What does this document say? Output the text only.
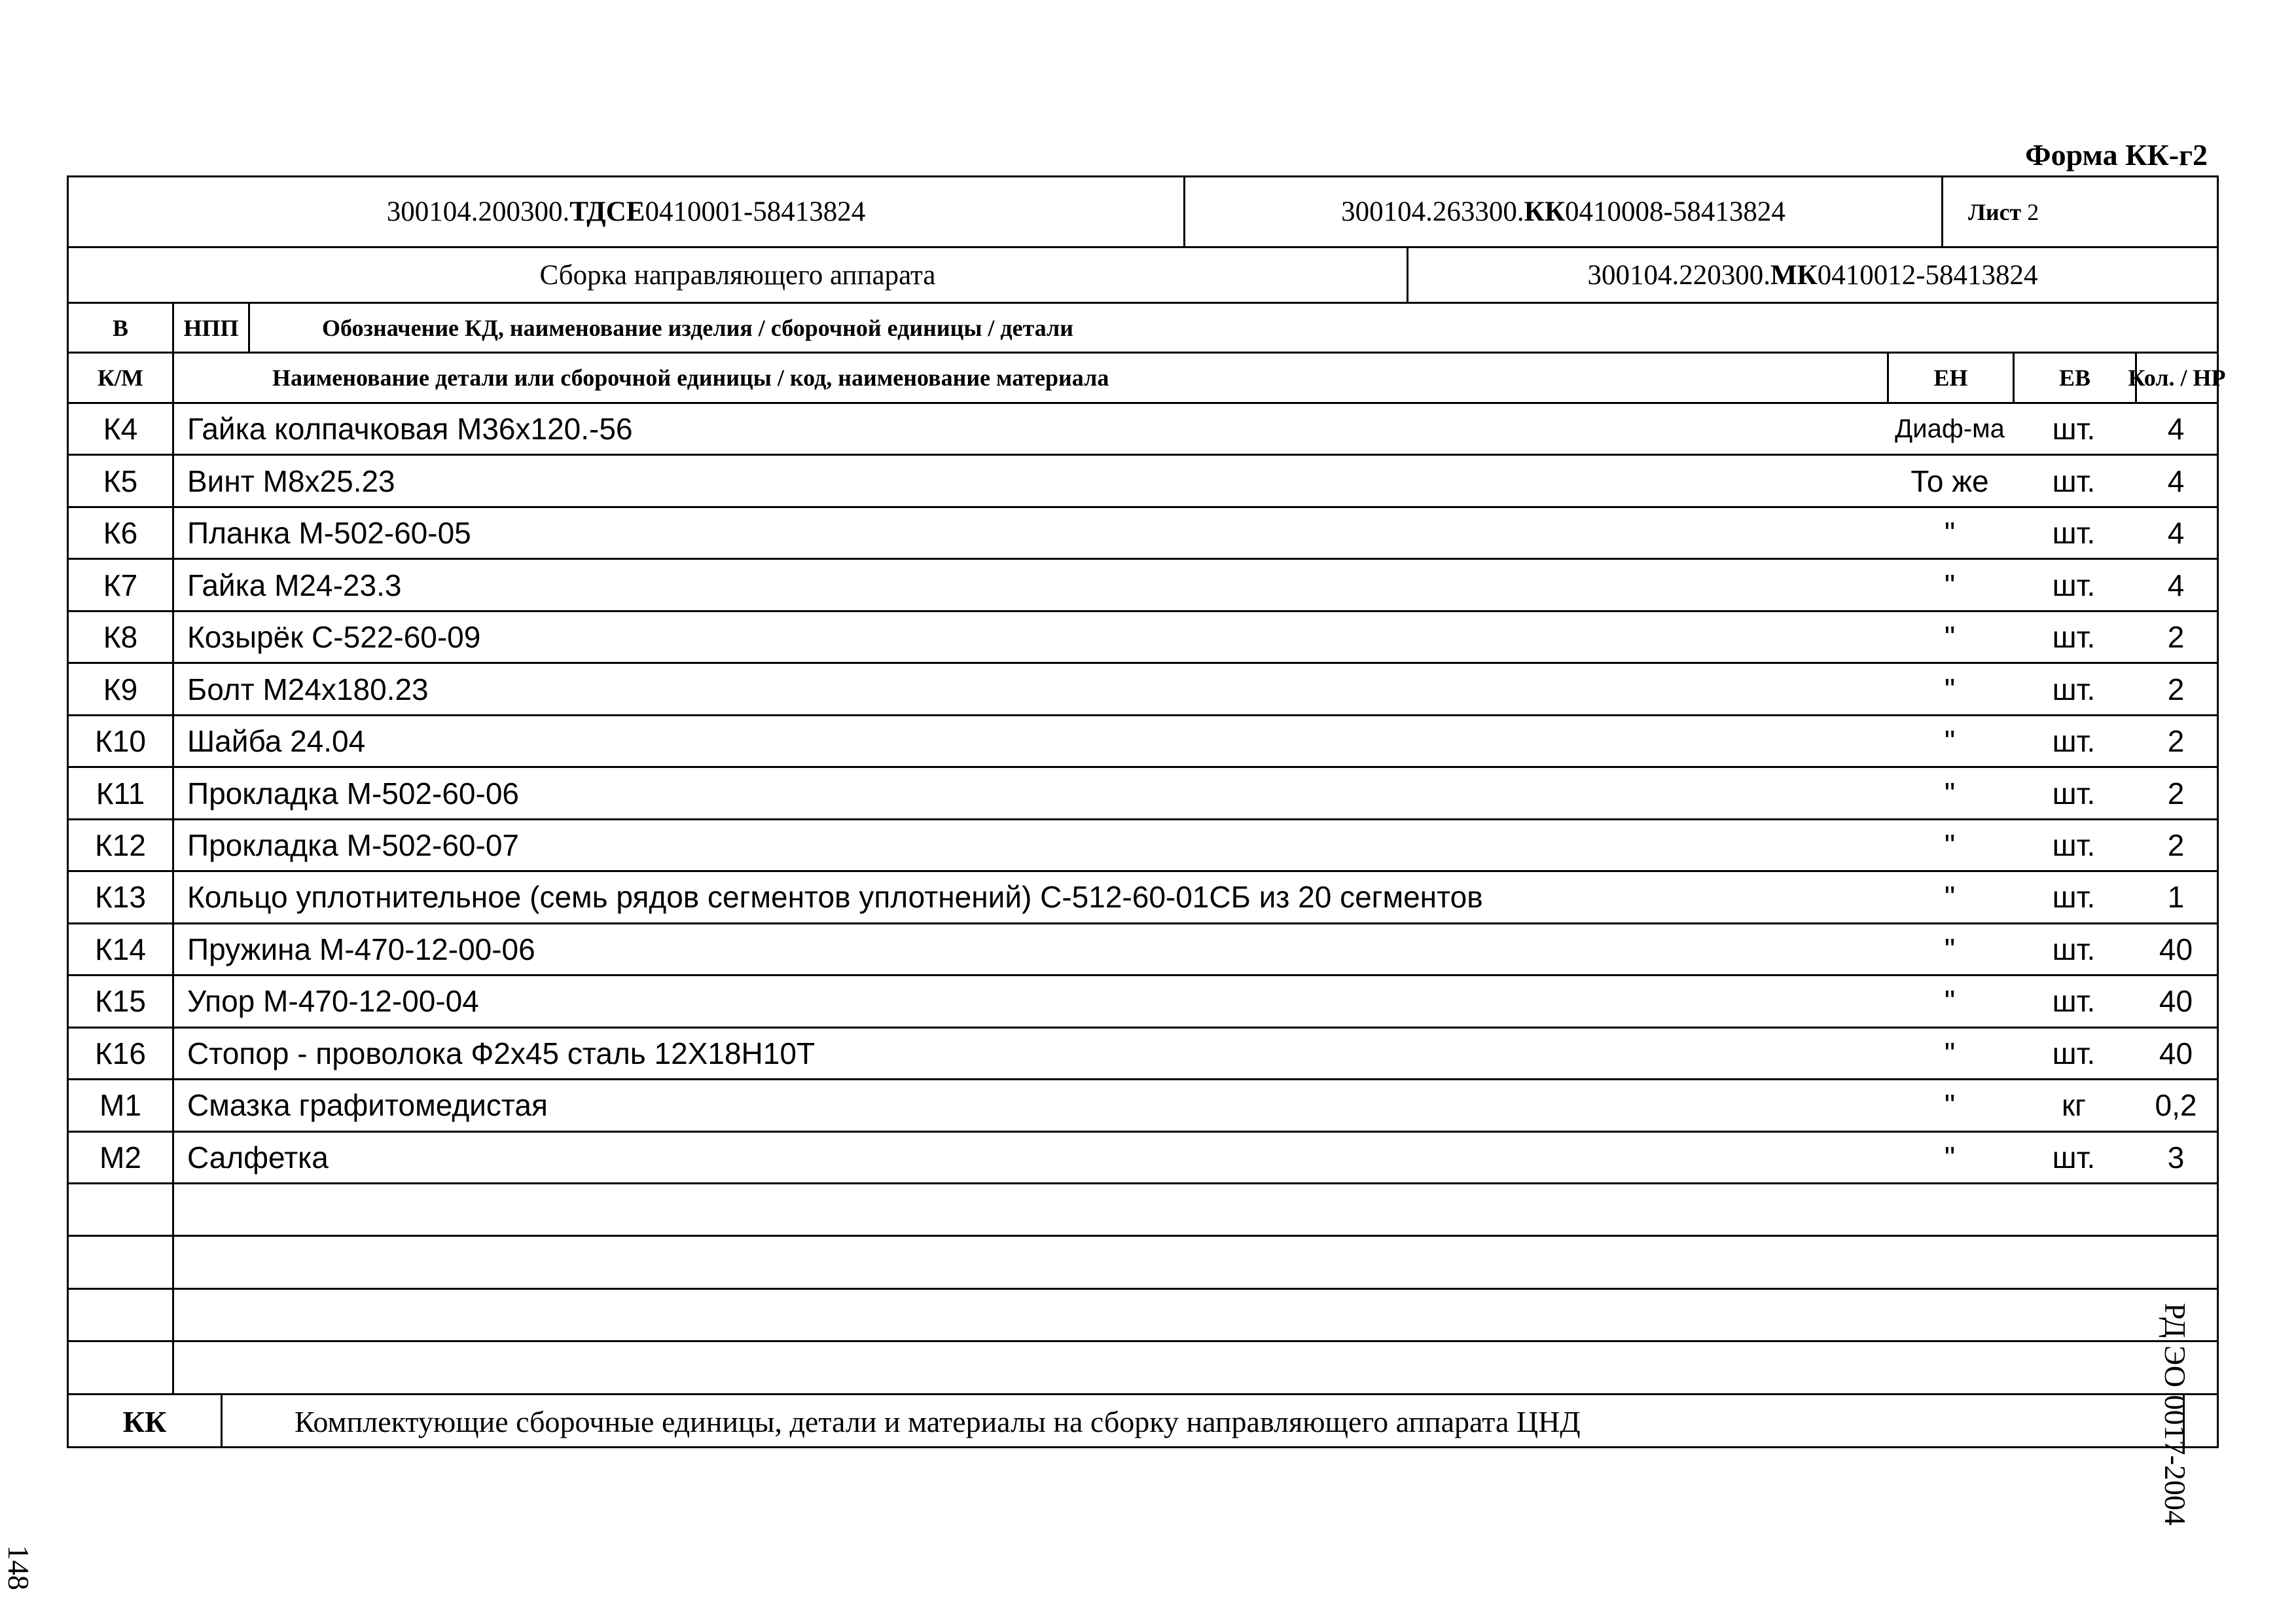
Форма КК-г2
300104.200300. ТДСЕ 0410001-58413824	300104.263300. КК 0410008-58413824	Лист
2
Сборка направляющего аппарата	300104.220300. МК 0410012-58413824
В	НПП	Обозначение КД, наименование изделия / сборочной единицы / детали
К/М	Наименование детали или сборочной единицы / код, наименование материала	ЕН	ЕВ	Кол. / НР
К4	Гайка колпачковая М36х120.-56	Диаф-ма	шт.	4
К5	Винт М8х25.23	То же	шт.	4
К6	Планка М-502-60-05	"	шт.	4
К7	Гайка М24-23.3	"	шт.	4
К8	Козырёк С-522-60-09	"	шт.	2
К9	Болт М24х180.23	"	шт.	2
К10	Шайба 24.04	"	шт.	2
К11	Прокладка М-502-60-06	"	шт.	2
К12	Прокладка М-502-60-07	"	шт.	2
К13	Кольцо уплотнительное (семь рядов сегментов уплотнений) С-512-60-01СБ из 20 сегментов	"	шт.	1
К14	Пружина М-470-12-00-06	"	шт.	40
К15	Упор М-470-12-00-04	"	шт.	40
К16	Стопор - проволока Ф2х45 сталь 12Х18Н10Т	"	шт.	40
М1	Смазка графитомедистая	"	кг	0,2
М2	Салфетка	"	шт.	3
КК	Комплектующие сборочные единицы, детали и материалы на сборку направляющего аппарата ЦНД	РД ЭО 0017-2004
148
